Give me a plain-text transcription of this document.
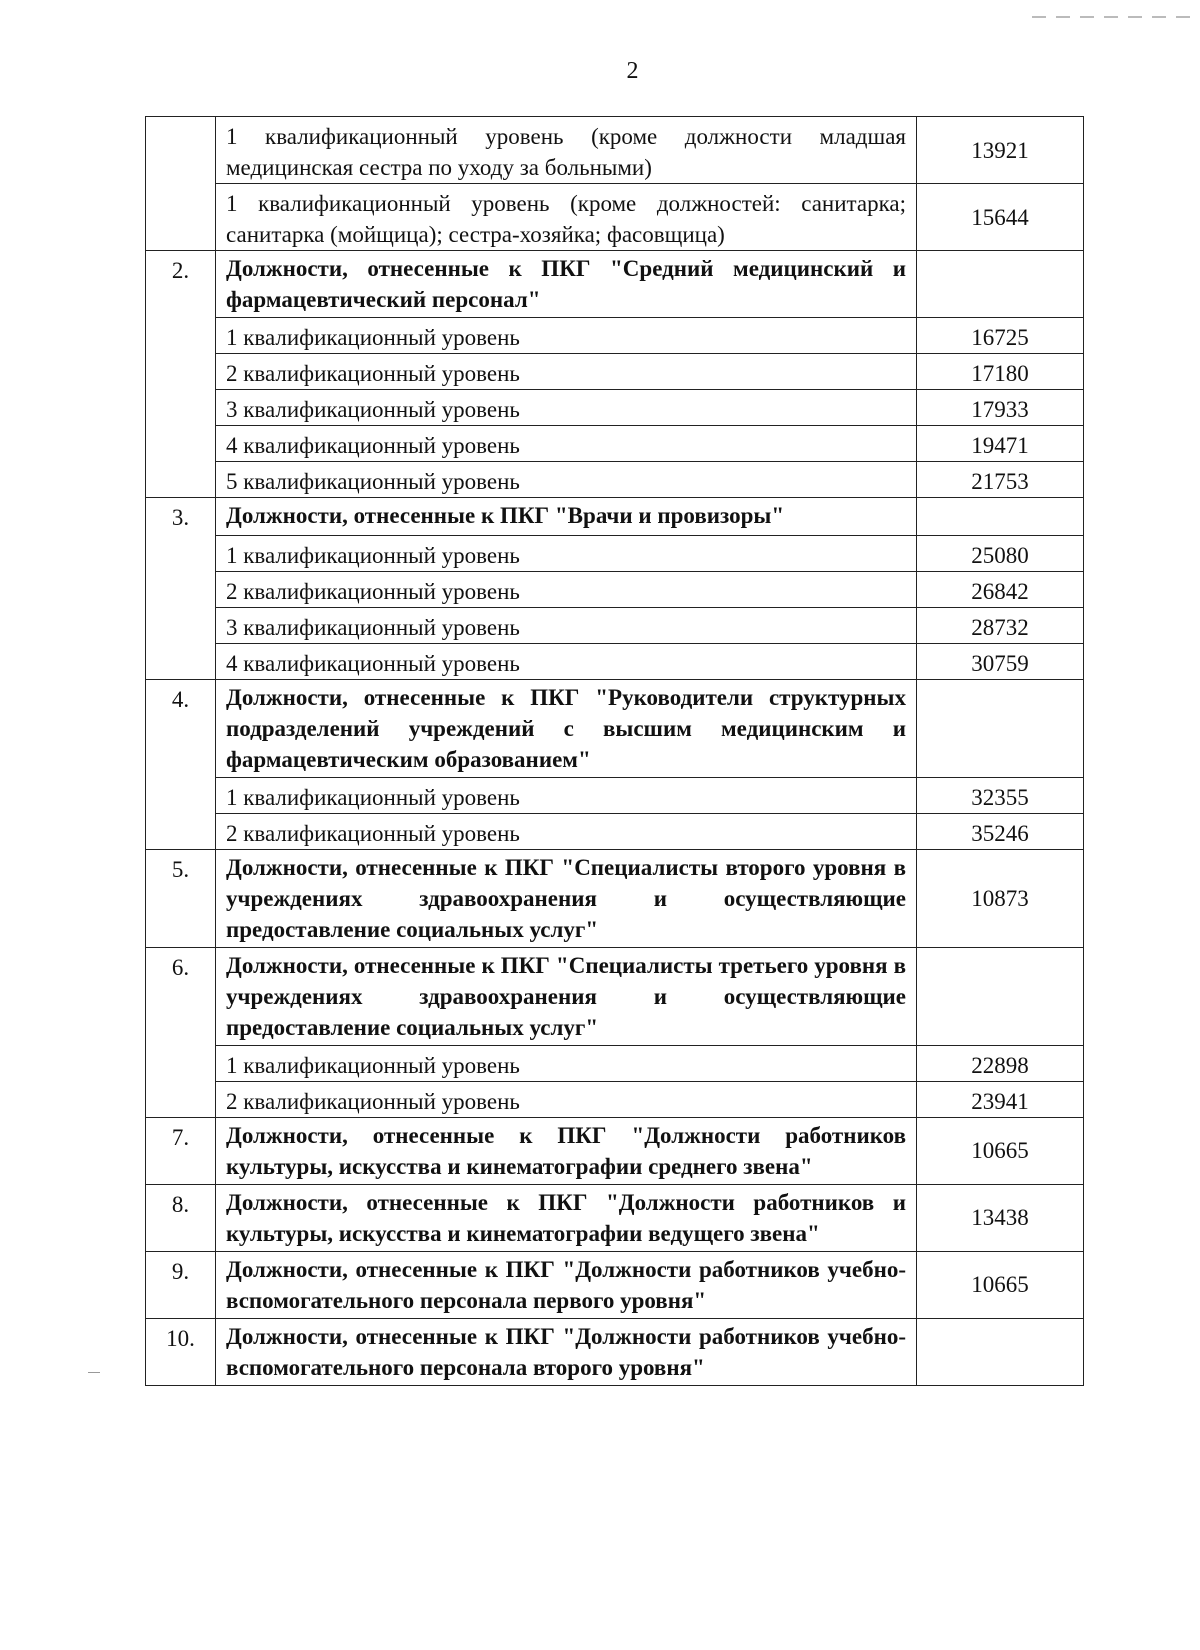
2
	1 квалификационный уровень (кроме должности младшая медицинская сестра по уходу за больными)	13921
	1 квалификационный уровень (кроме должностей: санитарка; санитарка (мойщица); сестра-хозяйка; фасовщица)	15644
2.	Должности, отнесенные к ПКГ "Средний медицинский и фармацевтический персонал"	
	1 квалификационный уровень	16725
	2 квалификационный уровень	17180
	3 квалификационный уровень	17933
	4 квалификационный уровень	19471
	5 квалификационный уровень	21753
3.	Должности, отнесенные к ПКГ "Врачи и провизоры"	
	1 квалификационный уровень	25080
	2 квалификационный уровень	26842
	3 квалификационный уровень	28732
	4 квалификационный уровень	30759
4.	Должности, отнесенные к ПКГ "Руководители структурных подразделений учреждений с высшим медицинским и фармацевтическим образованием"	
	1 квалификационный уровень	32355
	2 квалификационный уровень	35246
5.	Должности, отнесенные к ПКГ "Специалисты второго уровня в учреждениях здравоохранения и осуществляющие предоставление социальных услуг"	10873
6.	Должности, отнесенные к ПКГ "Специалисты третьего уровня в учреждениях здравоохранения и осуществляющие предоставление социальных услуг"	
	1 квалификационный уровень	22898
	2 квалификационный уровень	23941
7.	Должности, отнесенные к ПКГ "Должности работников культуры, искусства и кинематографии среднего звена"	10665
8.	Должности, отнесенные к ПКГ "Должности работников и культуры, искусства и кинематографии ведущего звена"	13438
9.	Должности, отнесенные к ПКГ "Должности работников учебно-вспомогательного персонала первого уровня"	10665
10.	Должности, отнесенные к ПКГ "Должности работников учебно-вспомогательного персонала второго уровня"	
